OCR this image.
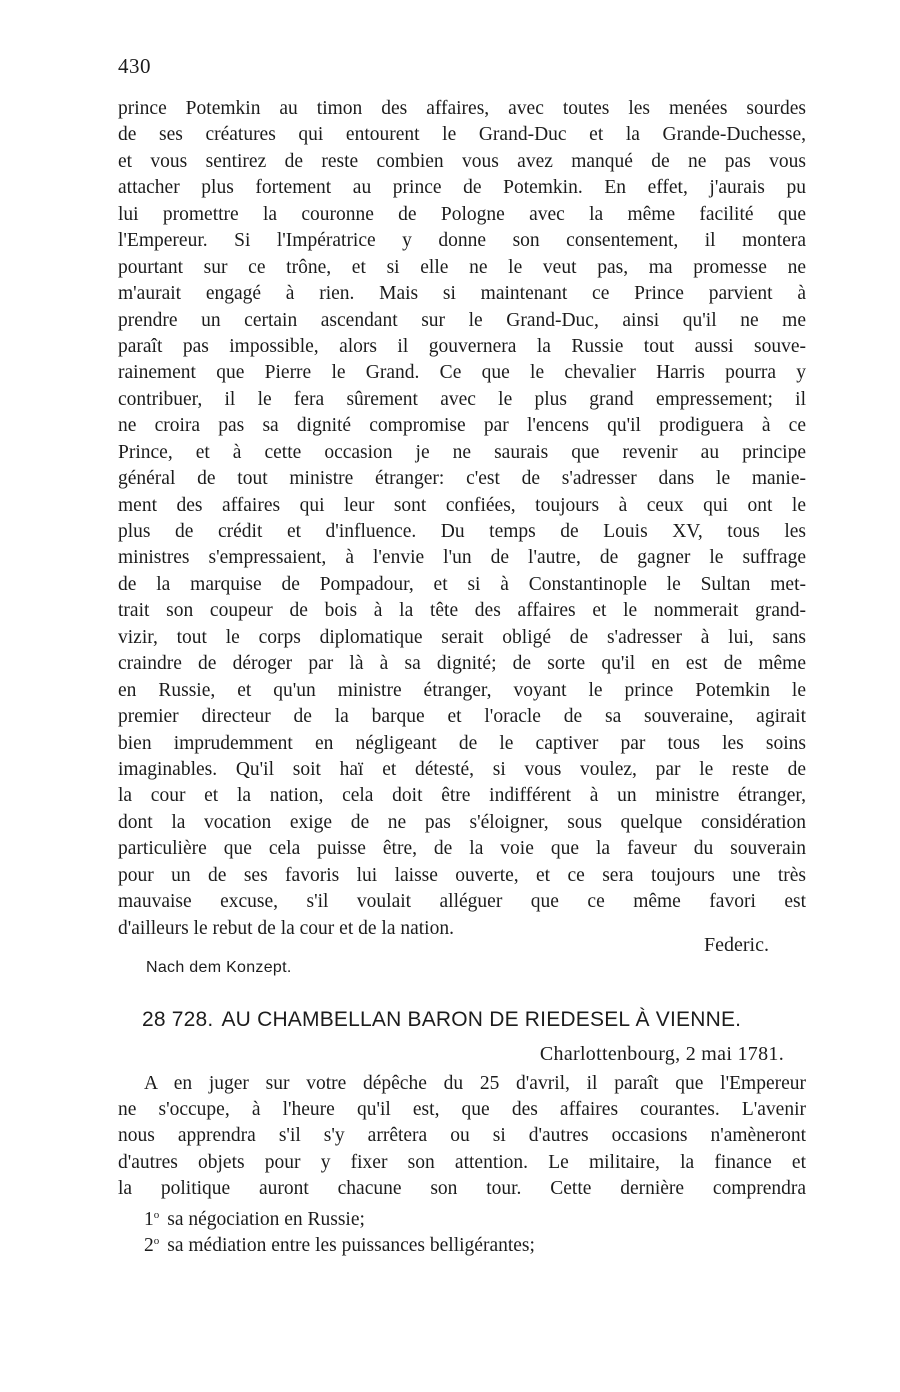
430
prince Potemkin au timon des affaires, avec toutes les menées sourdes
de ses créatures qui entourent le Grand-Duc et la Grande-Duchesse,
et vous sentirez de reste combien vous avez manqué de ne pas vous
attacher plus fortement au prince de Potemkin. En effet, j'aurais pu
lui promettre la couronne de Pologne avec la même facilité que
l'Empereur. Si l'Impératrice y donne son consentement, il montera
pourtant sur ce trône, et si elle ne le veut pas, ma promesse ne
m'aurait engagé à rien. Mais si maintenant ce Prince parvient à
prendre un certain ascendant sur le Grand-Duc, ainsi qu'il ne me
paraît pas impossible, alors il gouvernera la Russie tout aussi souve-
rainement que Pierre le Grand. Ce que le chevalier Harris pourra y
contribuer, il le fera sûrement avec le plus grand empressement; il
ne croira pas sa dignité compromise par l'encens qu'il prodiguera à ce
Prince, et à cette occasion je ne saurais que revenir au principe
général de tout ministre étranger: c'est de s'adresser dans le manie-
ment des affaires qui leur sont confiées, toujours à ceux qui ont le
plus de crédit et d'influence. Du temps de Louis XV, tous les
ministres s'empressaient, à l'envie l'un de l'autre, de gagner le suffrage
de la marquise de Pompadour, et si à Constantinople le Sultan met-
trait son coupeur de bois à la tête des affaires et le nommerait grand-
vizir, tout le corps diplomatique serait obligé de s'adresser à lui, sans
craindre de déroger par là à sa dignité; de sorte qu'il en est de même
en Russie, et qu'un ministre étranger, voyant le prince Potemkin le
premier directeur de la barque et l'oracle de sa souveraine, agirait
bien imprudemment en négligeant de le captiver par tous les soins
imaginables. Qu'il soit haï et détesté, si vous voulez, par le reste de
la cour et la nation, cela doit être indifférent à un ministre étranger,
dont la vocation exige de ne pas s'éloigner, sous quelque considération
particulière que cela puisse être, de la voie que la faveur du souverain
pour un de ses favoris lui laisse ouverte, et ce sera toujours une très
mauvaise excuse, s'il voulait alléguer que ce même favori est
d'ailleurs le rebut de la cour et de la nation.
Federic.
Nach dem Konzept.
28 728. AU CHAMBELLAN BARON DE RIEDESEL À VIENNE.
Charlottenbourg, 2 mai 1781.
A en juger sur votre dépêche du 25 d'avril, il paraît que l'Empereur
ne s'occupe, à l'heure qu'il est, que des affaires courantes. L'avenir
nous apprendra s'il s'y arrêtera ou si d'autres occasions n'amèneront
d'autres objets pour y fixer son attention. Le militaire, la finance et
la politique auront chacune son tour. Cette dernière comprendra
1$^o$ sa négociation en Russie;
2$^o$ sa médiation entre les puissances belligérantes;
